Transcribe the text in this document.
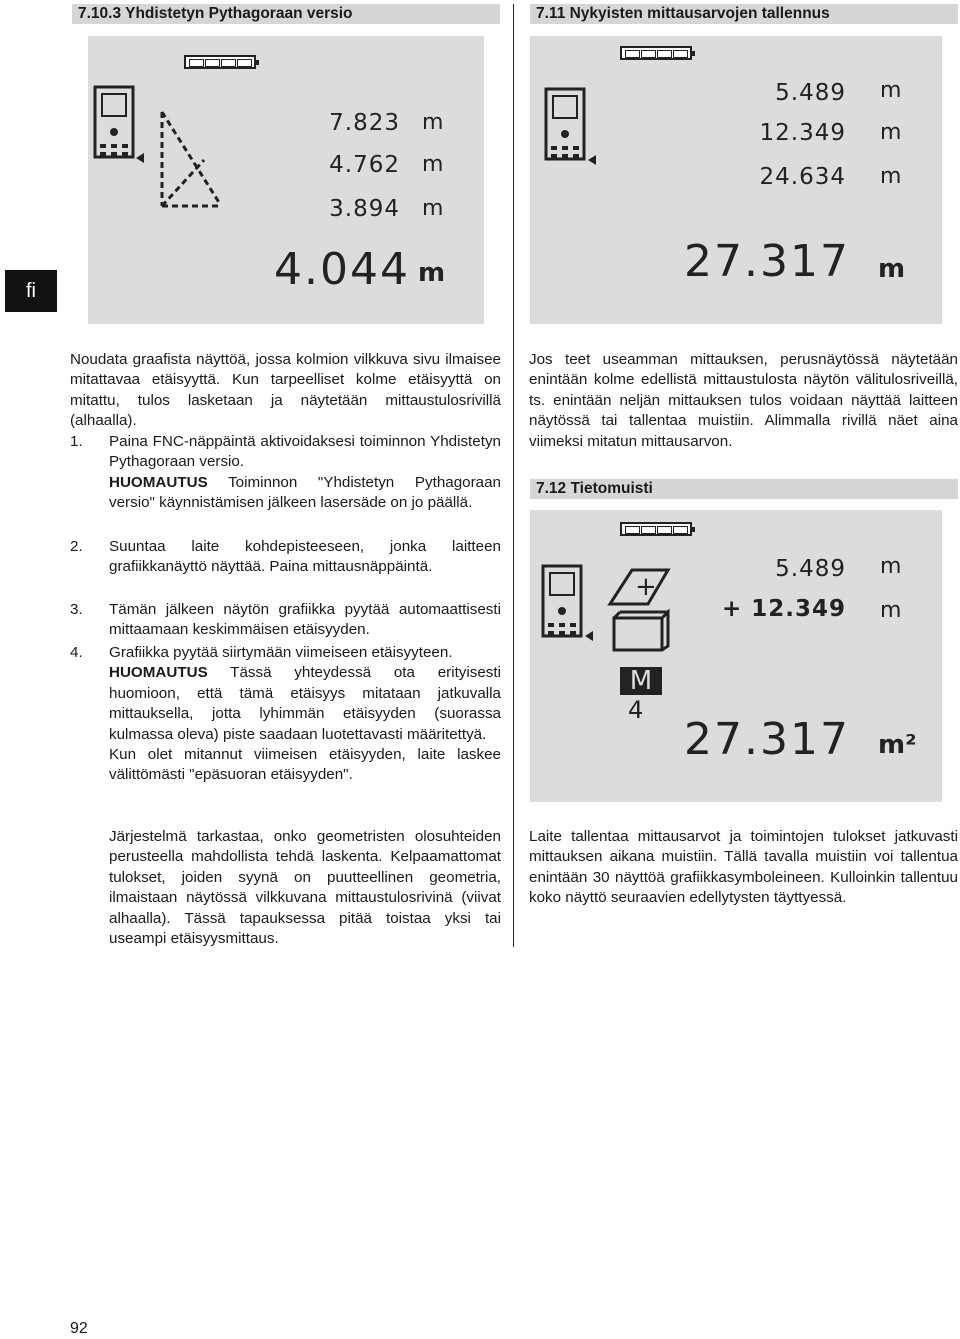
fi
7.10.3 Yhdistetyn Pythagoraan versio	7.11 Nykyisten mittausarvojen tallennus
7.823 m
4.762 m
3.894 m
4.044 m
5.489 m
12.349 m
24.634 m
27.317 m
Noudata graafista näyttöä, jossa kolmion vilkkuva sivu ilmaisee mitattavaa etäisyyttä. Kun tarpeelliset kolme etäisyyttä on mitattu, tulos lasketaan ja näytetään mittaustulosrivillä (alhaalla).
1. Paina FNC-näppäintä aktivoidaksesi toiminnon Yhdistetyn Pythagoraan versio.
HUOMAUTUS Toiminnon "Yhdistetyn Pythagoraan versio" käynnistämisen jälkeen lasersäde on jo päällä.
2. Suuntaa laite kohdepisteeseen, jonka laitteen grafiikkanäyttö näyttää. Paina mittausnäppäintä.
3. Tämän jälkeen näytön grafiikka pyytää automaattisesti mittaamaan keskimmäisen etäisyyden.
4. Grafiikka pyytää siirtymään viimeiseen etäisyyteen.
HUOMAUTUS Tässä yhteydessä ota erityisesti huomioon, että tämä etäisyys mitataan jatkuvalla mittauksella, jotta lyhimmän etäisyyden (suorassa kulmassa oleva) piste saadaan luotettavasti määritettyä.
Kun olet mitannut viimeisen etäisyyden, laite laskee välittömästi "epäsuoran etäisyyden".
Järjestelmä tarkastaa, onko geometristen olosuhteiden perusteella mahdollista tehdä laskenta. Kelpaamattomat tulokset, joiden syynä on puutteellinen geometria, ilmaistaan näytössä vilkkuvana mittaustulosrivinä (viivat alhaalla). Tässä tapauksessa pitää toistaa yksi tai useampi etäisyysmittaus.
Jos teet useamman mittauksen, perusnäytössä näytetään enintään kolme edellistä mittaustulosta näytön välitulosriveillä, ts. enintään neljän mittauksen tulos voidaan näyttää laitteen näytössä tai tallentaa muistiin. Alimmalla rivillä näet aina viimeksi mitatun mittausarvon.
7.12 Tietomuisti
+
M
4
5.489 m
+ 12.349 m
27.317 m²
Laite tallentaa mittausarvot ja toimintojen tulokset jatkuvasti mittauksen aikana muistiin. Tällä tavalla muistiin voi tallentua enintään 30 näyttöä grafiikkasymboleineen. Kulloinkin tallentuu koko näyttö seuraavien edellytysten täyttyessä.
92
